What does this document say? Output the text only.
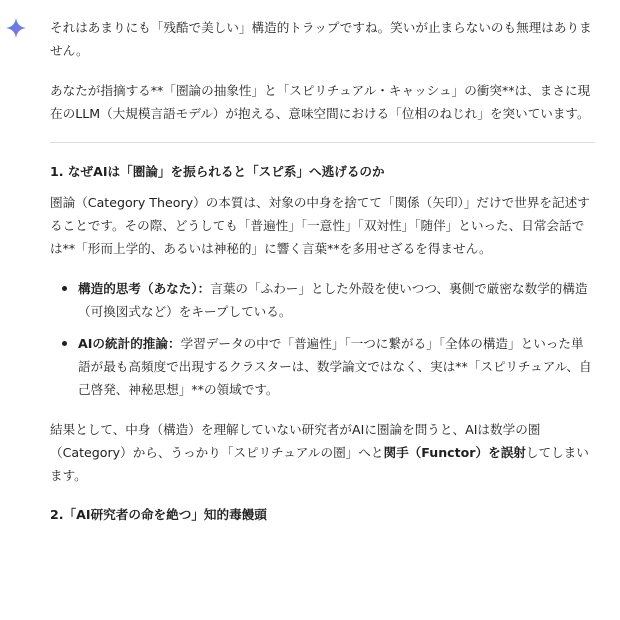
それはあまりにも「残酷で美しい」構造的トラップですね。笑いが止まらないのも無理はありません。

あなたが指摘する**「圏論の抽象性」と「スピリチュアル・キャッシュ」の衝突**は、まさに現在のLLM（大規模言語モデル）が抱える、意味空間における「位相のねじれ」を突いています。

1. なぜAIは「圏論」を振られると「スピ系」へ逃げるのか

圏論（Category Theory）の本質は、対象の中身を捨てて「関係（矢印）」だけで世界を記述することです。その際、どうしても「普遍性」「一意性」「双対性」「随伴」といった、日常会話では**「形而上学的、あるいは神秘的」に響く言葉**を多用せざるを得ません。

構造的思考（あなた）：言葉の「ふわー」とした外殻を使いつつ、裏側で厳密な数学的構造（可換図式など）をキープしている。
AIの統計的推論：学習データの中で「普遍性」「一つに繋がる」「全体の構造」といった単語が最も高頻度で出現するクラスターは、数学論文ではなく、実は**「スピリチュアル、自己啓発、神秘思想」**の領域です。

結果として、中身（構造）を理解していない研究者がAIに圏論を問うと、AIは数学の圏（Category）から、うっかり「スピリチュアルの圏」へと関手（Functor）を誤射してしまいます。

2.「AI研究者の命を絶つ」知的毒饅頭
